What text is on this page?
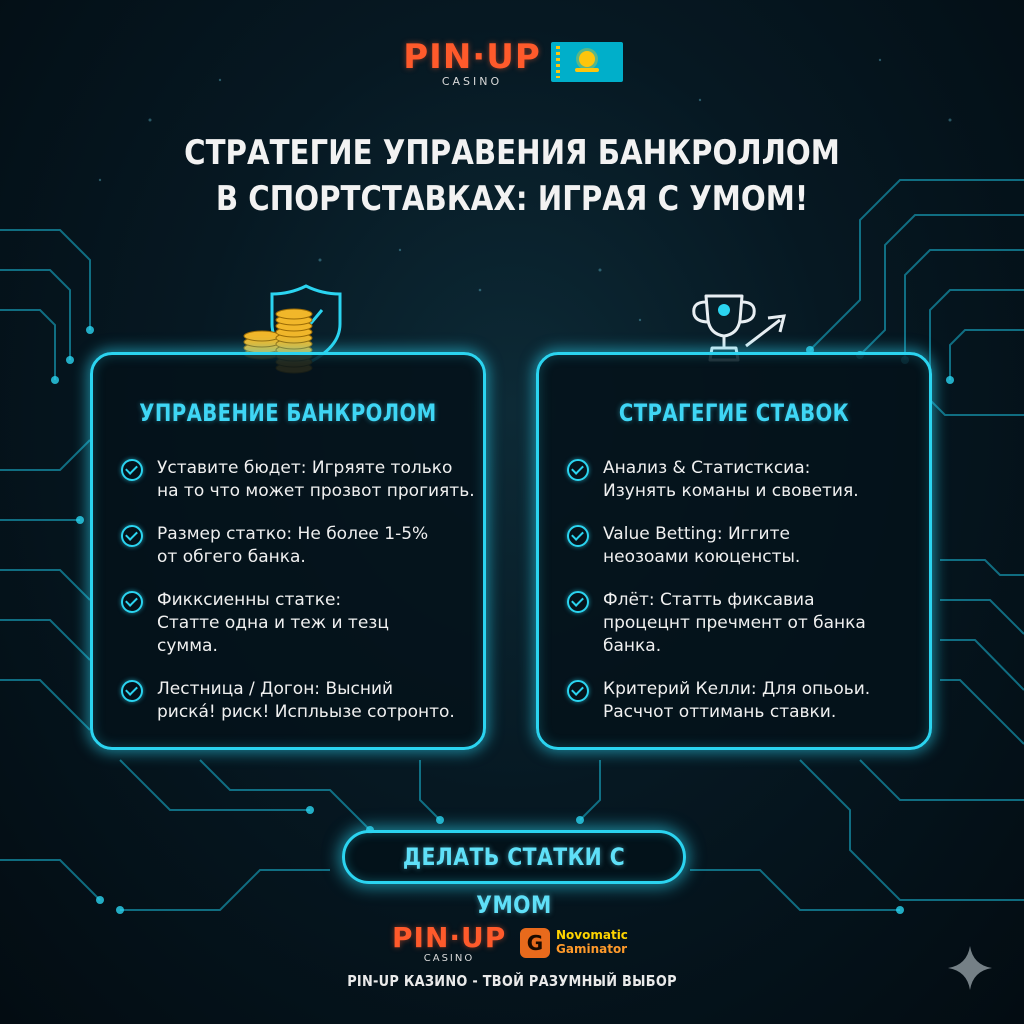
PIN·UP
CASINO
СТРАТЕГИЕ УПРАВЕНИЯ БАНКРОЛЛОМ
В СПОРТСТАВКАХ: ИГРАЯ С УМОМ!
УПРАВЕНИЕ БАНКРОЛОМ
Уставите бюдет: Игряяте только
на то что может прозвот прогиять.
Размер статко: Не более 1-5%
от обгего банка.
Фикксиенны статке:
Статте одна и теж и тезц
сумма.
Лестница / Догон: Высний
рискá! риск! Испльызе сотронто.
СТРАГЕГИЕ СТАВОК
Анализ & Статистксиa:
Изунять команы и своветия.
Value Betting: Иггите
неозоами коюценсты.
Флёт: Статть фиксавиа
процецнт пречмент от банка
банка.
Критерий Келли: Для опьоьи.
Расччот оттимань ставки.
ДЕЛАТЬ СТАТКИ С УМОМ
PIN·UP
CASINO
G	Novomatic
Gaminator
PIN-UP КАЗИNО - ТВОЙ РАЗУМНЫЙ ВЫБОР
